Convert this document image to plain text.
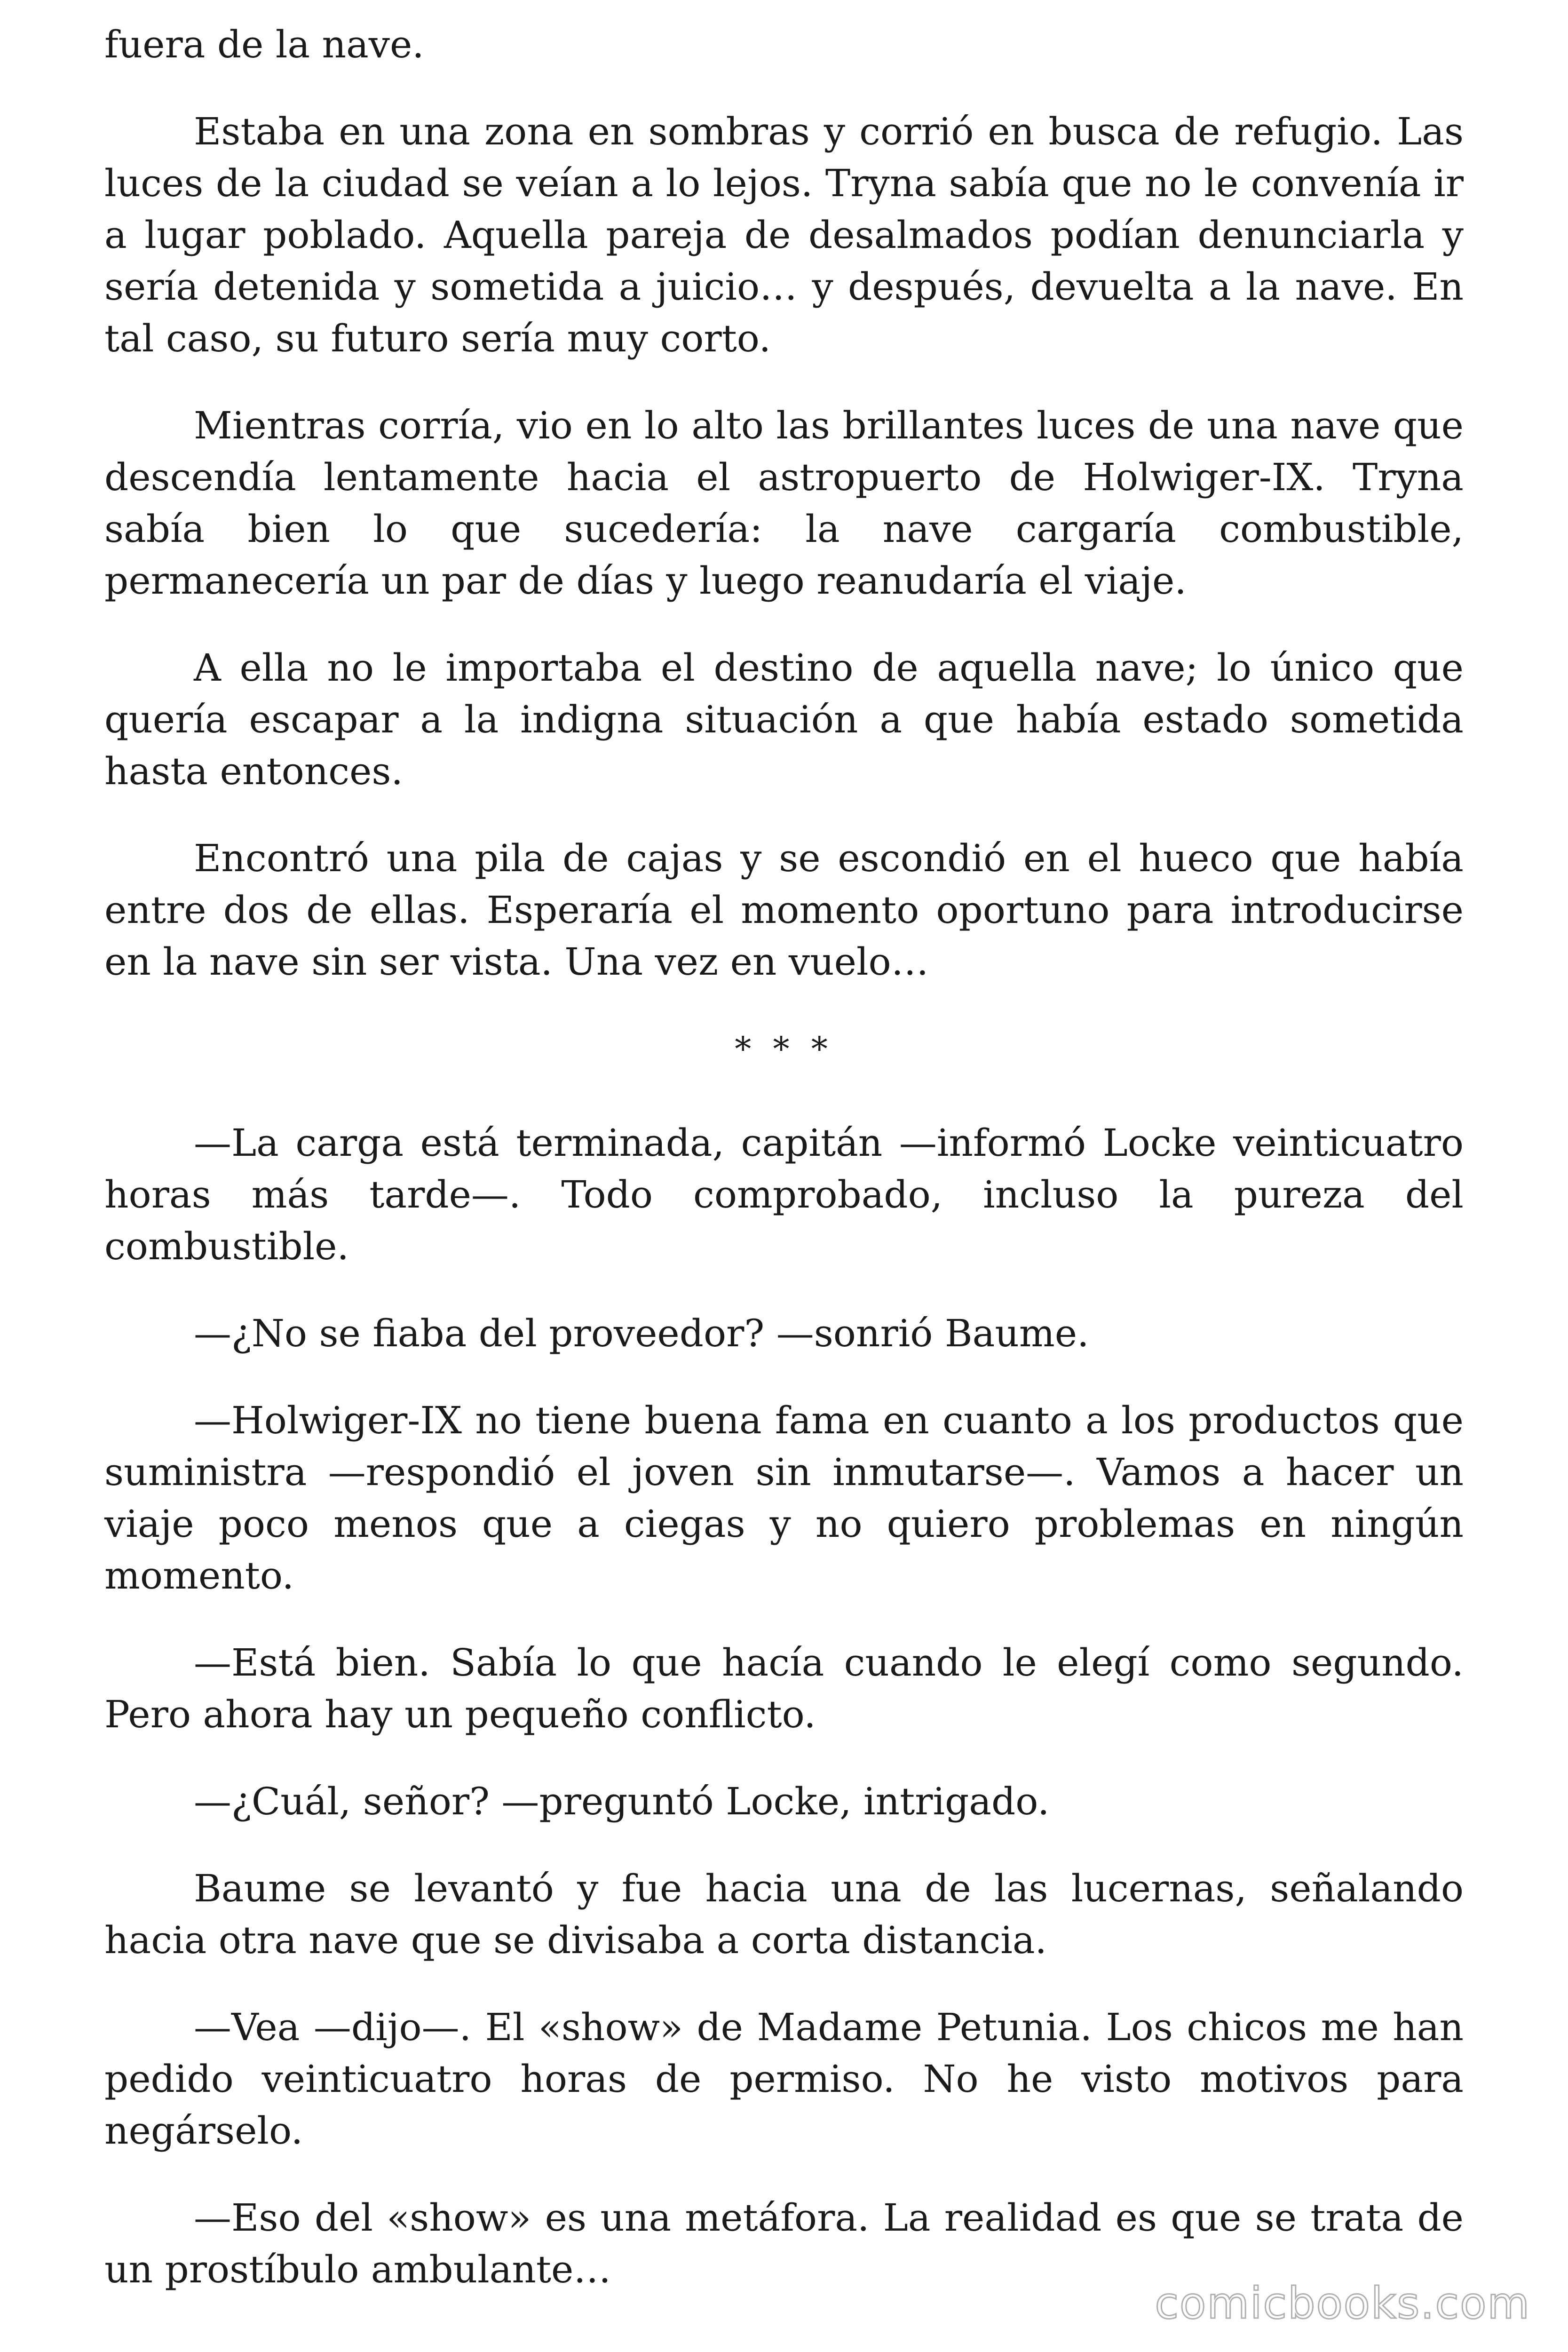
fuera de la nave.

Estaba en una zona en sombras y corrió en busca de refugio. Las luces de la ciudad se veían a lo lejos. Tryna sabía que no le convenía ir a lugar poblado. Aquella pareja de desalmados podían denunciarla y sería detenida y sometida a juicio… y después, devuelta a la nave. En tal caso, su futuro sería muy corto.

Mientras corría, vio en lo alto las brillantes luces de una nave que descendía lentamente hacia el astropuerto de Holwiger-IX. Tryna sabía bien lo que sucedería: la nave cargaría combustible, permanecería un par de días y luego reanudaría el viaje.

A ella no le importaba el destino de aquella nave; lo único que quería escapar a la indigna situación a que había estado sometida hasta entonces.

Encontró una pila de cajas y se escondió en el hueco que había entre dos de ellas. Esperaría el momento oportuno para introducirse en la nave sin ser vista. Una vez en vuelo…

* * *

—La carga está terminada, capitán —informó Locke veinticuatro horas más tarde—. Todo comprobado, incluso la pureza del combustible.

—¿No se fiaba del proveedor? —sonrió Baume.

—Holwiger-IX no tiene buena fama en cuanto a los productos que suministra —respondió el joven sin inmutarse—. Vamos a hacer un viaje poco menos que a ciegas y no quiero problemas en ningún momento.

—Está bien. Sabía lo que hacía cuando le elegí como segundo. Pero ahora hay un pequeño conflicto.

—¿Cuál, señor? —preguntó Locke, intrigado.

Baume se levantó y fue hacia una de las lucernas, señalando hacia otra nave que se divisaba a corta distancia.

—Vea —dijo—. El «show» de Madame Petunia. Los chicos me han pedido veinticuatro horas de permiso. No he visto motivos para negárselo.

—Eso del «show» es una metáfora. La realidad es que se trata de un prostíbulo ambulante…

comicbooks.com
